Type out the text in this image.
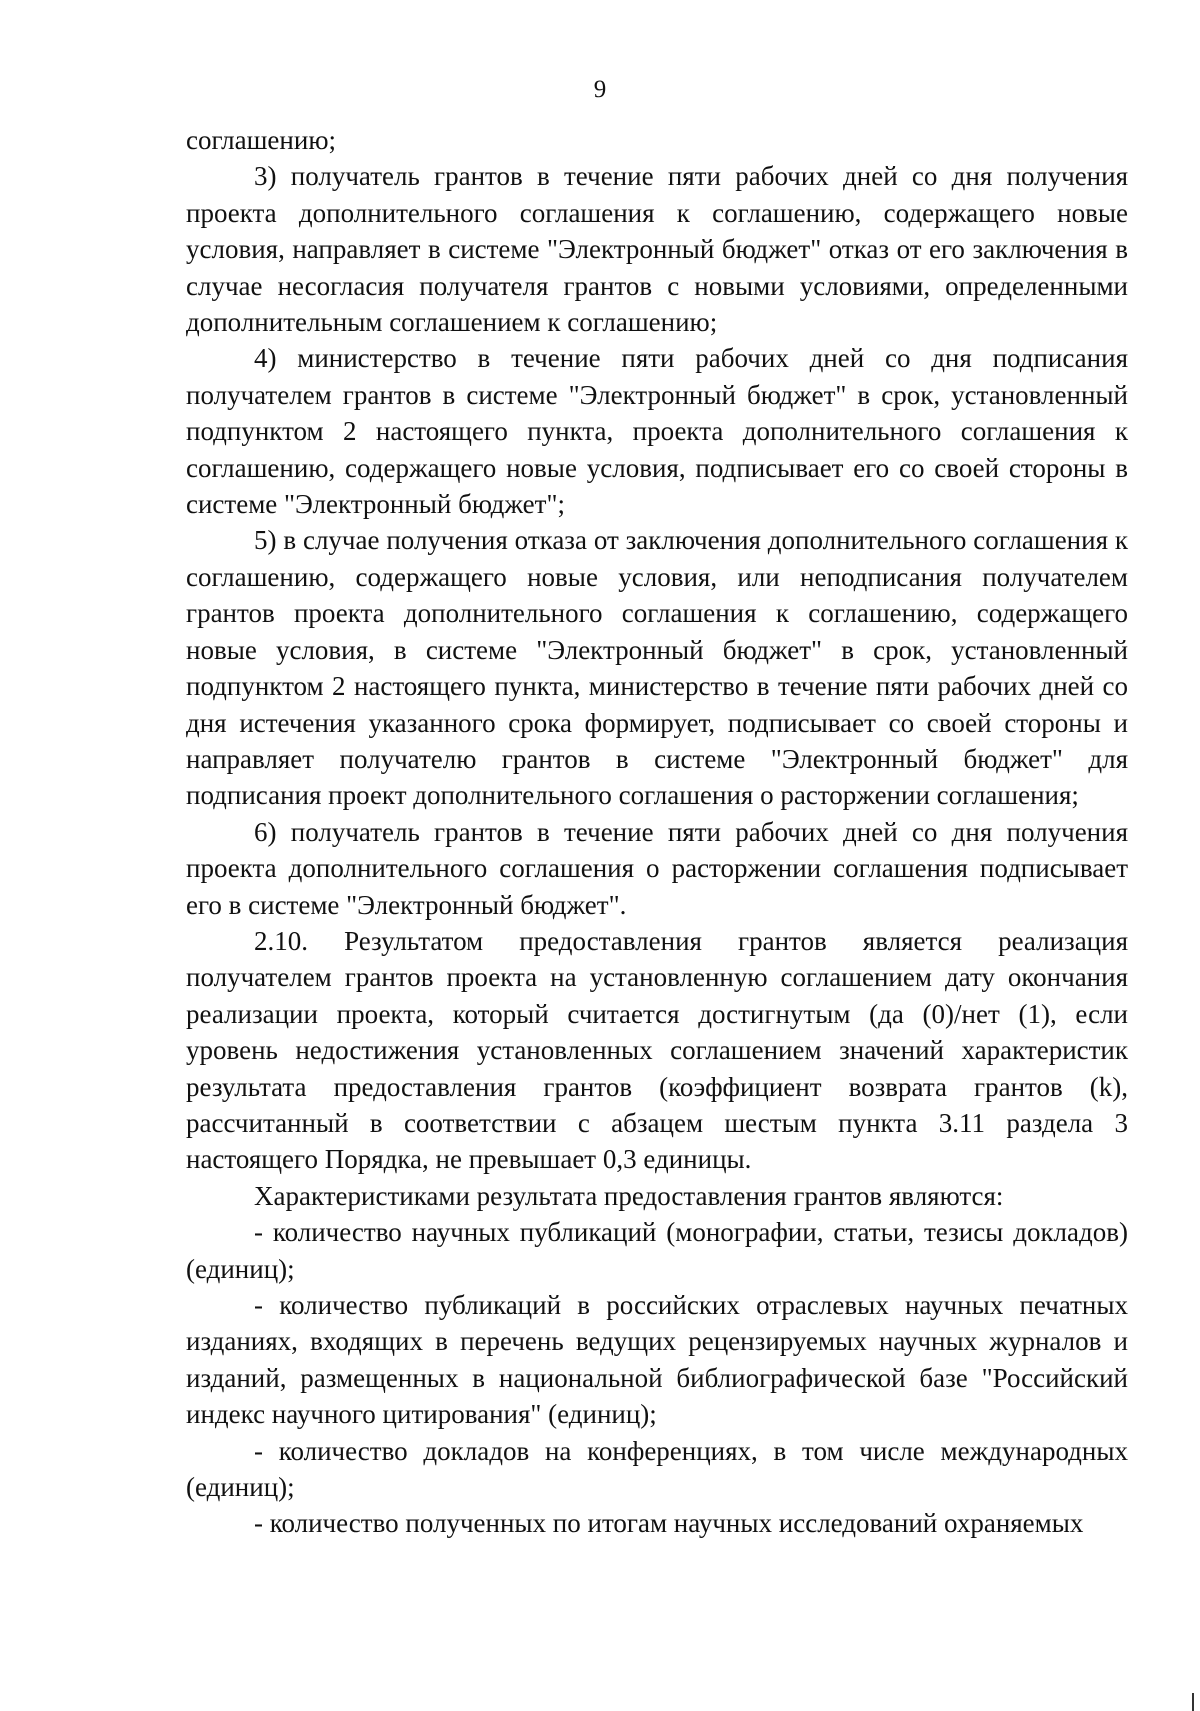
9

соглашению;

3) получатель грантов в течение пяти рабочих дней со дня получения проекта дополнительного соглашения к соглашению, содержащего новые условия, направляет в системе "Электронный бюджет" отказ от его заключения в случае несогласия получателя грантов с новыми условиями, определенными дополнительным соглашением к соглашению;

4) министерство в течение пяти рабочих дней со дня подписания получателем грантов в системе "Электронный бюджет" в срок, установленный подпунктом 2 настоящего пункта, проекта дополнительного соглашения к соглашению, содержащего новые условия, подписывает его со своей стороны в системе "Электронный бюджет";

5) в случае получения отказа от заключения дополнительного соглашения к соглашению, содержащего новые условия, или неподписания получателем грантов проекта дополнительного соглашения к соглашению, содержащего новые условия, в системе "Электронный бюджет" в срок, установленный подпунктом 2 настоящего пункта, министерство в течение пяти рабочих дней со дня истечения указанного срока формирует, подписывает со своей стороны и направляет получателю грантов в системе "Электронный бюджет" для подписания проект дополнительного соглашения о расторжении соглашения;

6) получатель грантов в течение пяти рабочих дней со дня получения проекта дополнительного соглашения о расторжении соглашения подписывает его в системе "Электронный бюджет".

2.10. Результатом предоставления грантов является реализация получателем грантов проекта на установленную соглашением дату окончания реализации проекта, который считается достигнутым (да (0)/нет (1), если уровень недостижения установленных соглашением значений характеристик результата предоставления грантов (коэффициент возврата грантов (k), рассчитанный в соответствии с абзацем шестым пункта 3.11 раздела 3 настоящего Порядка, не превышает 0,3 единицы.

Характеристиками результата предоставления грантов являются:

- количество научных публикаций (монографии, статьи, тезисы докладов) (единиц);

- количество публикаций в российских отраслевых научных печатных изданиях, входящих в перечень ведущих рецензируемых научных журналов и изданий, размещенных в национальной библиографической базе "Российский индекс научного цитирования" (единиц);

- количество докладов на конференциях, в том числе международных (единиц);

- количество полученных по итогам научных исследований охраняемых
